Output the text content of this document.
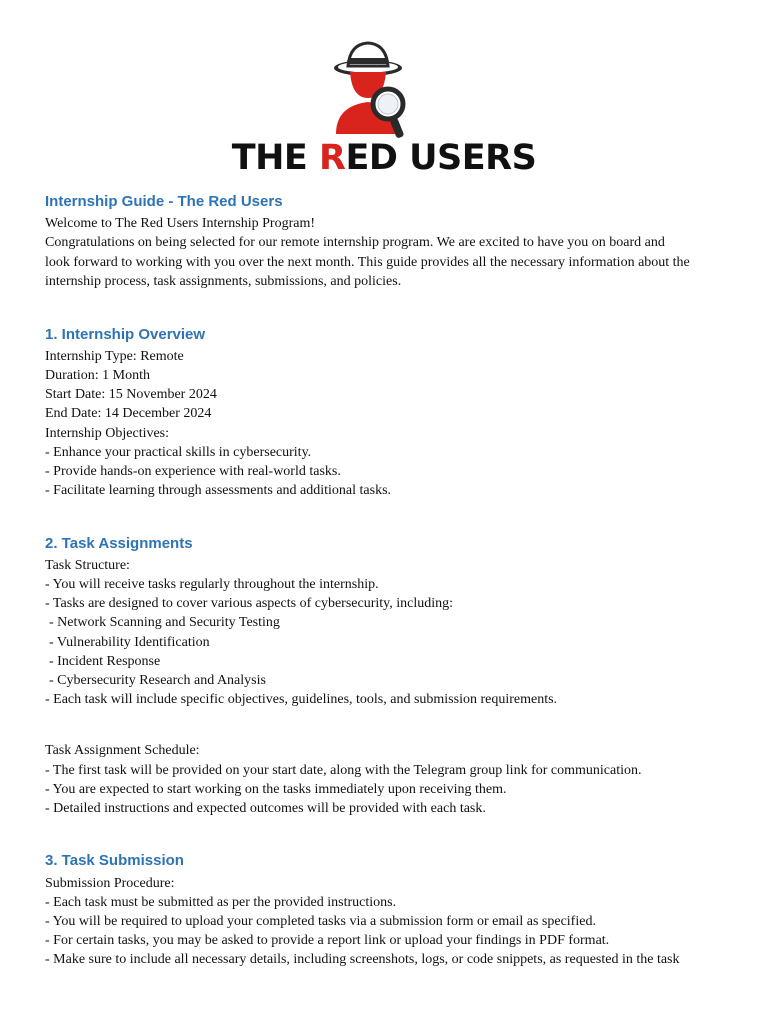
THE RED USERS
Internship Guide - The Red Users
Welcome to The Red Users Internship Program!
Congratulations on being selected for our remote internship program. We are excited to have you on board and
look forward to working with you over the next month. This guide provides all the necessary information about the
internship process, task assignments, submissions, and policies.
1. Internship Overview
Internship Type: Remote
Duration: 1 Month
Start Date: 15 November 2024
End Date: 14 December 2024
Internship Objectives:
- Enhance your practical skills in cybersecurity.
- Provide hands-on experience with real-world tasks.
- Facilitate learning through assessments and additional tasks.
2. Task Assignments
Task Structure:
- You will receive tasks regularly throughout the internship.
- Tasks are designed to cover various aspects of cybersecurity, including:
- Network Scanning and Security Testing
- Vulnerability Identification
- Incident Response
- Cybersecurity Research and Analysis
- Each task will include specific objectives, guidelines, tools, and submission requirements.
Task Assignment Schedule:
- The first task will be provided on your start date, along with the Telegram group link for communication.
- You are expected to start working on the tasks immediately upon receiving them.
- Detailed instructions and expected outcomes will be provided with each task.
3. Task Submission
Submission Procedure:
- Each task must be submitted as per the provided instructions.
- You will be required to upload your completed tasks via a submission form or email as specified.
- For certain tasks, you may be asked to provide a report link or upload your findings in PDF format.
- Make sure to include all necessary details, including screenshots, logs, or code snippets, as requested in the task
